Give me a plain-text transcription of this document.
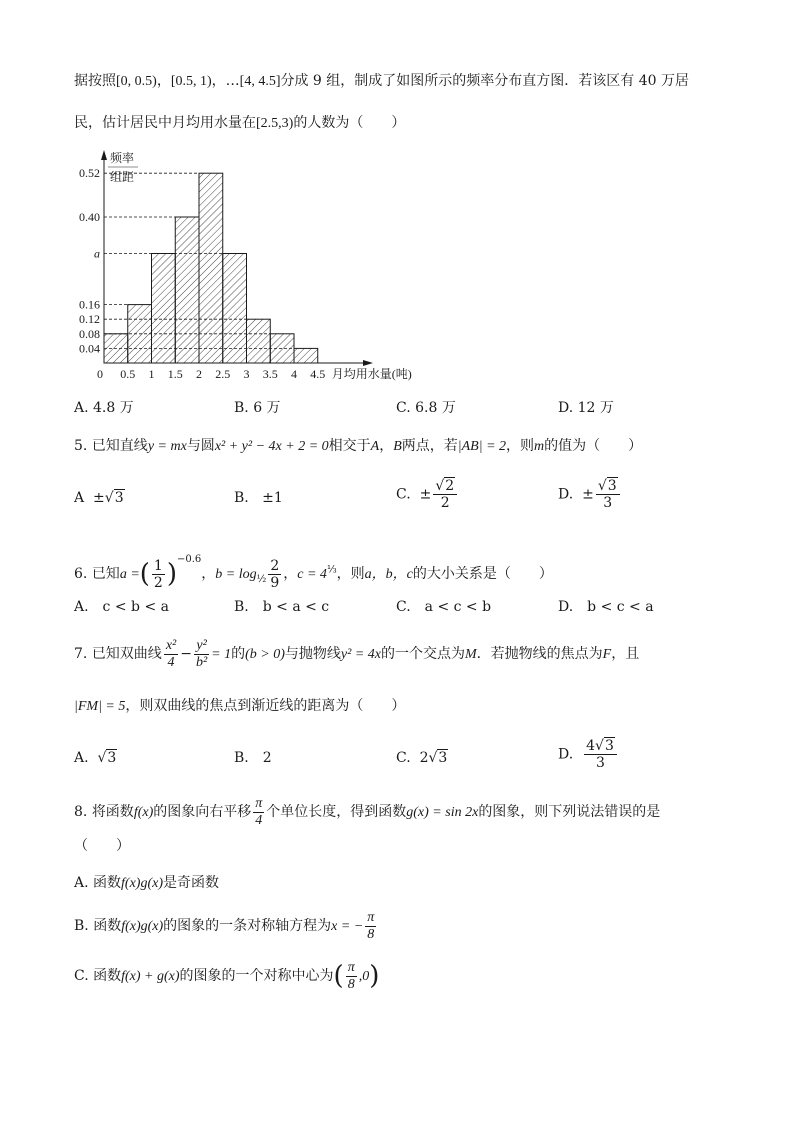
据按照[0, 0.5)，[0.5, 1)，…[4, 4.5]分成 9 组，制成了如图所示的频率分布直方图．若该区有 40 万居
民，估计居民中月均用水量在[2.5,3)的人数为（　　）
0.52
0.40
a
0.16
0.12
0.08
0.04
0 0.5 1 1.5 2 2.5 3 3.5 4 4.5 月均用水量(吨)
频率
组距
A. 4.8 万	B. 6 万	C. 6.8 万	D. 12 万
5. 已知直线y = mx与圆x² + y² − 4x + 2 = 0相交于A，B两点，若|AB| = 2，则m的值为（　　）
A ±√3	B. ±1	C. ± $\frac{√2}{2}$	D. ± $\frac{√3}{3}$
6. 已知a =( $\frac{1}{2} )^{-0.6}$，$b = \log_{\frac{1}{2}} \frac{2}{9}$ ，$c = 4^{\frac{1}{3}}$，则a，b，c的大小关系是（　　）
A.　c < b < a	B.　b < a < c	C.　a < c < b	D.　b < c < a
7. 已知双曲线 $\frac{\text{x²}}{4} - \frac{\text{y²}}{\text{b²}} = 1$的(b > 0)与抛物线y² = 4x的一个交点为M．若抛物线的焦点为F，且
|FM| = 5，则双曲线的焦点到渐近线的距离为（　　）
A.  √3	B.　2	C. 2√3	D. $\frac{4√3}{3}$
8. 将函数f(x)的图象向右平移 $\frac{\pi}{4}$ 个单位长度，得到函数g(x) = sin 2x的图象，则下列说法错误的是
（　　）
A. 函数f(x)g(x)是奇函数
B. 函数f(x)g(x)的图象的一条对称轴方程为x = − $\frac{\pi}{8}$
C. 函数f(x) + g(x)的图象的一个对称中心为( $\frac{\pi}{8} ,0$)
